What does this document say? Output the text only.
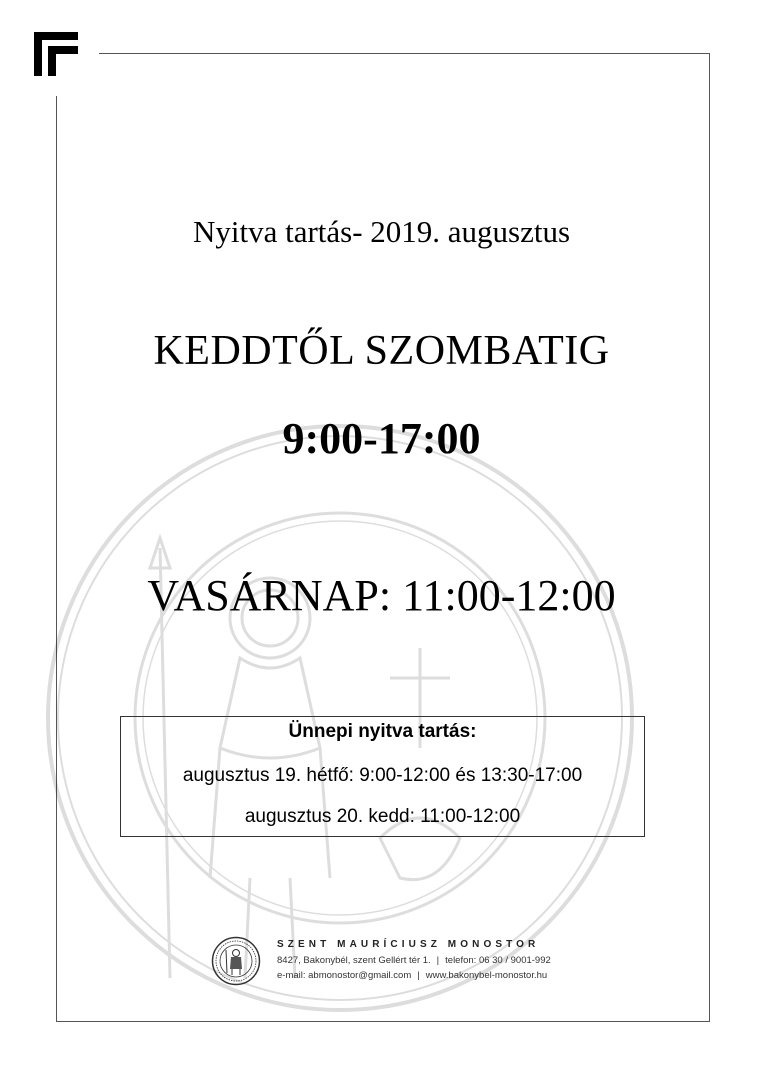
Nyitva tartás- 2019. augusztus
KEDDTŐL SZOMBATIG
9:00-17:00
VASÁRNAP: 11:00-12:00
Ünnepi nyitva tartás:
augusztus 19. hétfő: 9:00-12:00 és 13:30-17:00
augusztus 20. kedd: 11:00-12:00
SZENT MAURÍCIUSZ MONOSTOR
8427, Bakonybél, szent Gellért tér 1. | telefon: 06 30 / 9001-992
e-mail: abmonostor@gmail.com | www.bakonybel-monostor.hu
